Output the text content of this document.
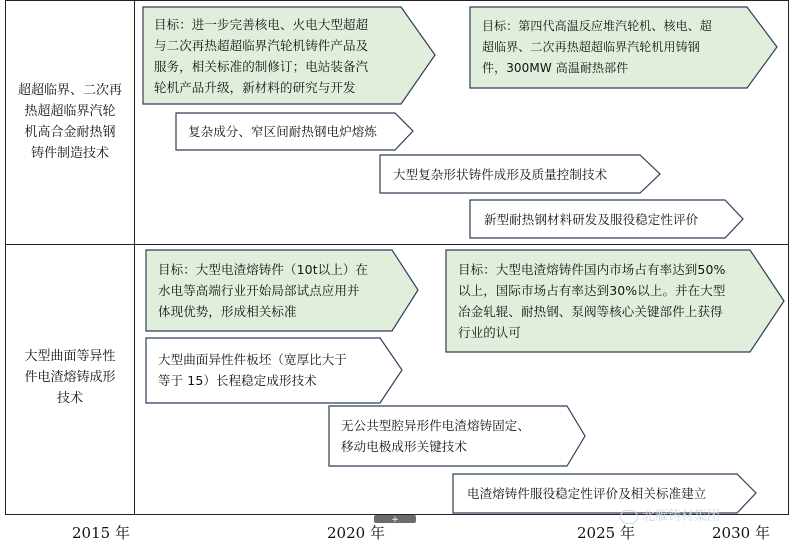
+
超超临界、二次再
热超超临界汽轮
机高合金耐热钢
铸件制造技术
大型曲面等异性
件电渣熔铸成形
技术
目标：进一步完善核电、火电大型超超
与二次再热超超临界汽轮机铸件产品及
服务，相关标准的制修订；电站装备汽
轮机产品升级，新材料的研究与开发
目标：第四代高温反应堆汽轮机、核电、超
超临界、二次再热超超临界汽轮机用铸钢
件，300MW 高温耐热部件
复杂成分、窄区间耐热钢电炉熔炼
大型复杂形状铸件成形及质量控制技术
新型耐热钢材料研发及服役稳定性评价
目标：大型电渣熔铸件（10t以上）在
水电等高端行业开始局部试点应用并
体现优势，形成相关标准
目标：大型电渣熔铸件国内市场占有率达到50%
以上，国际市场占有率达到30%以上。并在大型
冶金轧辊、耐热钢、泵阀等核心关键部件上获得
行业的认可
大型曲面异性件板坯（宽厚比大于
等于 15）长程稳定成形技术
无公共型腔异形件电渣熔铸固定、
移动电极成形关键技术
电渣熔铸件服役稳定性评价及相关标准建立
2015 年	2020 年	2025 年	2030 年
北雁铸材集团
